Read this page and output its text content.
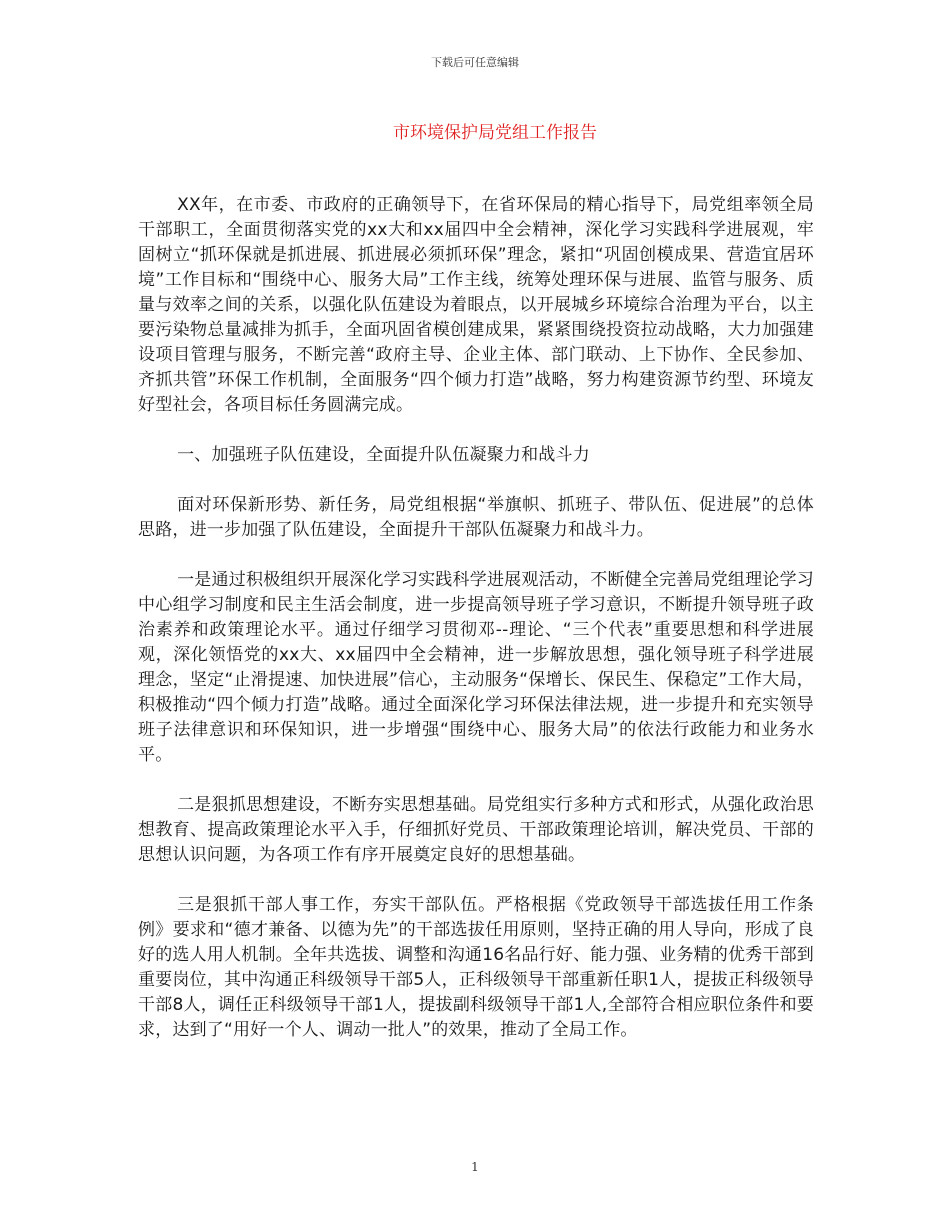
下载后可任意编辑
市环境保护局党组工作报告

XX年，在市委、市政府的正确领导下，在省环保局的精心指导下，局党组率领全局干部职工，全面贯彻落实党的xx大和xx届四中全会精神，深化学习实践科学进展观，牢固树立“抓环保就是抓进展、抓进展必须抓环保”理念，紧扣“巩固创模成果、营造宜居环境”工作目标和“围绕中心、服务大局”工作主线，统筹处理环保与进展、监管与服务、质量与效率之间的关系，以强化队伍建设为着眼点，以开展城乡环境综合治理为平台，以主要污染物总量减排为抓手，全面巩固省模创建成果，紧紧围绕投资拉动战略，大力加强建设项目管理与服务，不断完善“政府主导、企业主体、部门联动、上下协作、全民参加、齐抓共管”环保工作机制，全面服务“四个倾力打造”战略，努力构建资源节约型、环境友好型社会，各项目标任务圆满完成。

一、加强班子队伍建设，全面提升队伍凝聚力和战斗力

面对环保新形势、新任务，局党组根据“举旗帜、抓班子、带队伍、促进展”的总体思路，进一步加强了队伍建设，全面提升干部队伍凝聚力和战斗力。

一是通过积极组织开展深化学习实践科学进展观活动，不断健全完善局党组理论学习中心组学习制度和民主生活会制度，进一步提高领导班子学习意识，不断提升领导班子政治素养和政策理论水平。通过仔细学习贯彻邓--理论、“三个代表”重要思想和科学进展观，深化领悟党的xx大、xx届四中全会精神，进一步解放思想，强化领导班子科学进展理念，坚定“止滑提速、加快进展”信心，主动服务“保增长、保民生、保稳定”工作大局，积极推动“四个倾力打造”战略。通过全面深化学习环保法律法规，进一步提升和充实领导班子法律意识和环保知识，进一步增强“围绕中心、服务大局”的依法行政能力和业务水平。

二是狠抓思想建设，不断夯实思想基础。局党组实行多种方式和形式，从强化政治思想教育、提高政策理论水平入手，仔细抓好党员、干部政策理论培训，解决党员、干部的思想认识问题，为各项工作有序开展奠定良好的思想基础。

三是狠抓干部人事工作，夯实干部队伍。严格根据《党政领导干部选拔任用工作条例》要求和“德才兼备、以德为先”的干部选拔任用原则，坚持正确的用人导向，形成了良好的选人用人机制。全年共选拔、调整和沟通16名品行好、能力强、业务精的优秀干部到重要岗位，其中沟通正科级领导干部5人，正科级领导干部重新任职1人，提拔正科级领导干部8人，调任正科级领导干部1人，提拔副科级领导干部1人,全部符合相应职位条件和要求，达到了“用好一个人、调动一批人”的效果，推动了全局工作。

1
